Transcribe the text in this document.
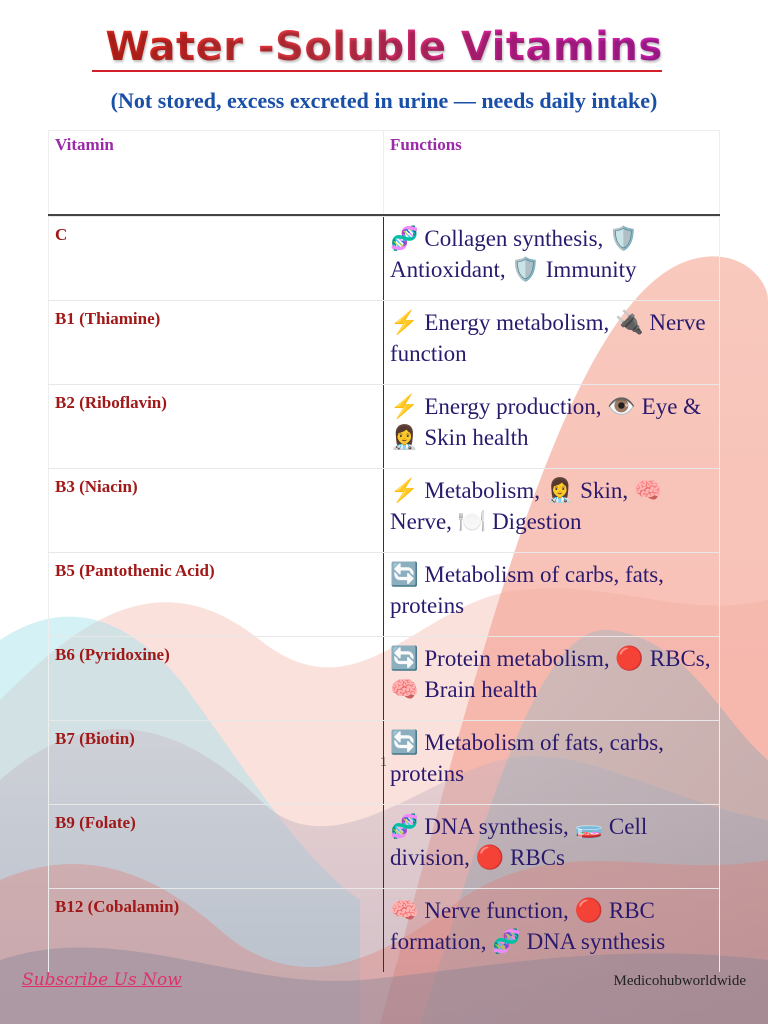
Water -Soluble Vitamins
(Not stored, excess excreted in urine — needs daily intake)
Vitamin	Functions
C	🧬 Collagen synthesis, 🛡️ Antioxidant, 🛡️ Immunity
B1 (Thiamine)	⚡ Energy metabolism, 🔌 Nerve function
B2 (Riboflavin)	⚡ Energy production, 👁️ Eye & 👩‍⚕️ Skin health
B3 (Niacin)	⚡ Metabolism, 👩‍⚕️ Skin, 🧠 Nerve, 🍽️ Digestion
B5 (Pantothenic Acid)	🔄 Metabolism of carbs, fats, proteins
B6 (Pyridoxine)	🔄 Protein metabolism, 🔴 RBCs, 🧠 Brain health
B7 (Biotin)	🔄 Metabolism of fats, carbs, proteins
B9 (Folate)	🧬 DNA synthesis, 🧫 Cell division, 🔴 RBCs
B12 (Cobalamin)	🧠 Nerve function, 🔴 RBC formation, 🧬 DNA synthesis
1
Subscribe Us Now	Medicohubworldwide
